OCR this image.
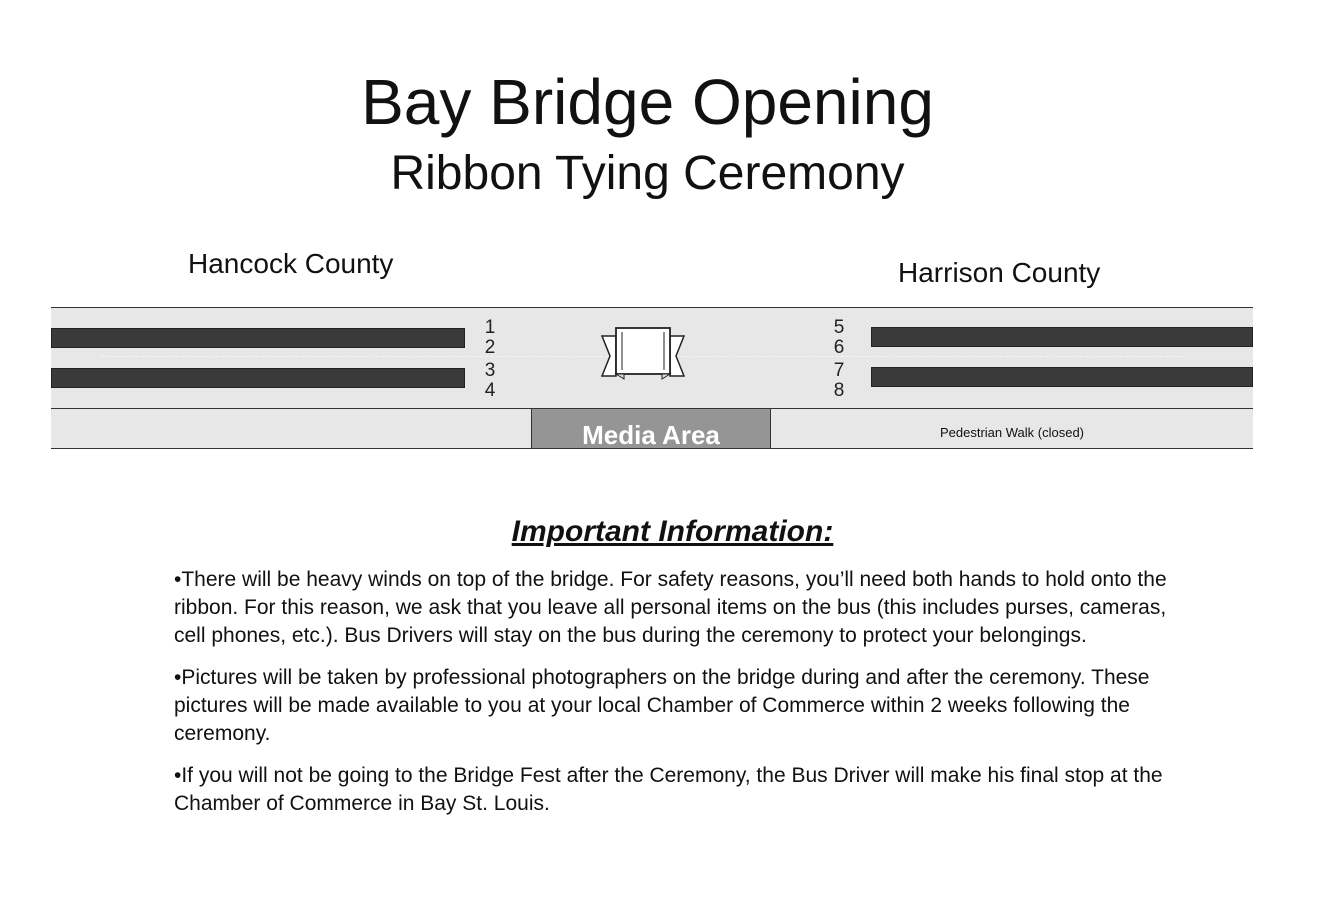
Bay Bridge Opening
Ribbon Tying Ceremony
Hancock County	Harrison County
1
2
3
4
5
6
7
8
Media Area	Pedestrian Walk (closed)
Important Information:
•There will be heavy winds on top of the bridge. For safety reasons, you’ll need both hands to hold onto the ribbon. For this reason, we ask that you leave all personal items on the bus (this includes purses, cameras, cell phones, etc.). Bus Drivers will stay on the bus during the ceremony to protect your belongings.
•Pictures will be taken by professional photographers on the bridge during and after the ceremony. These pictures will be made available to you at your local Chamber of Commerce within 2 weeks following the ceremony.
•If you will not be going to the Bridge Fest after the Ceremony, the Bus Driver will make his final stop at the Chamber of Commerce in Bay St. Louis.
